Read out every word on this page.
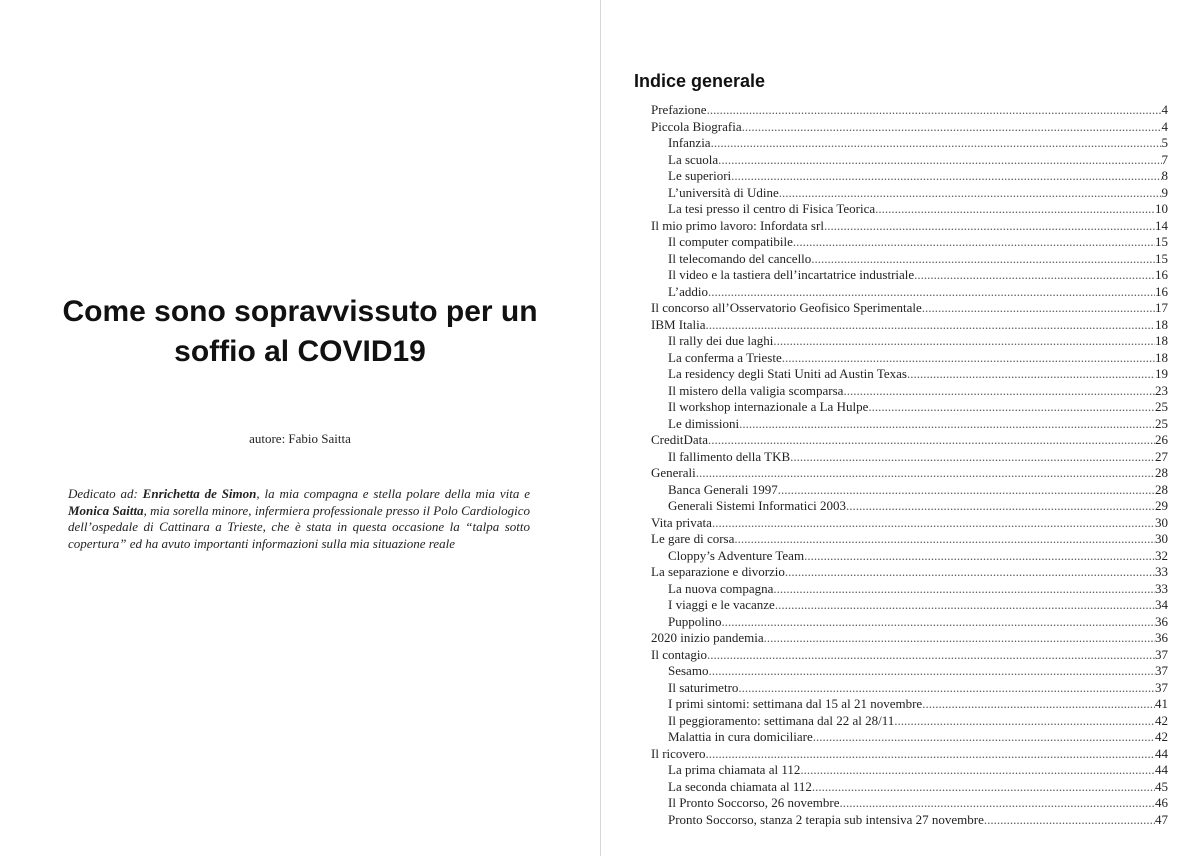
Come sono sopravvissuto per un soffio al COVID19
autore: Fabio Saitta

Dedicato ad: Enrichetta de Simon, la mia compagna e stella polare della mia vita e Monica Saitta, mia sorella minore, infermiera professionale presso il Polo Cardiologico dell’ospedale di Cattinara a Trieste, che è stata in questa occasione la “talpa sotto copertura” ed ha avuto importanti informazioni sulla mia situazione reale

Indice generale
Prefazione .....	4
Piccola Biografia .....	4
Infanzia .....	5
La scuola .....	7
Le superiori .....	8
L’università di Udine .....	9
La tesi presso il centro di Fisica Teorica .....	10
Il mio primo lavoro: Infordata srl .....	14
Il computer compatibile .....	15
Il telecomando del cancello .....	15
Il video e la tastiera dell’incartatrice industriale .....	16
L’addio .....	16
Il concorso all’Osservatorio Geofisico Sperimentale .....	17
IBM Italia .....	18
Il rally dei due laghi .....	18
La conferma a Trieste .....	18
La residency degli Stati Uniti ad Austin Texas .....	19
Il mistero della valigia scomparsa .....	23
Il workshop internazionale a La Hulpe .....	25
Le dimissioni .....	25
CreditData .....	26
Il fallimento della TKB .....	27
Generali .....	28
Banca Generali 1997 .....	28
Generali Sistemi Informatici 2003 .....	29
Vita privata .....	30
Le gare di corsa .....	30
Cloppy’s Adventure Team .....	32
La separazione e divorzio .....	33
La nuova compagna .....	33
I viaggi e le vacanze .....	34
Puppolino .....	36
2020 inizio pandemia .....	36
Il contagio .....	37
Sesamo .....	37
Il saturimetro .....	37
I primi sintomi: settimana dal 15 al 21 novembre .....	41
Il peggioramento: settimana dal 22 al 28/11 .....	42
Malattia in cura domiciliare .....	42
Il ricovero .....	44
La prima chiamata al 112 .....	44
La seconda chiamata al 112 .....	45
Il Pronto Soccorso, 26 novembre .....	46
Pronto Soccorso, stanza 2 terapia sub intensiva 27 novembre .....	47
